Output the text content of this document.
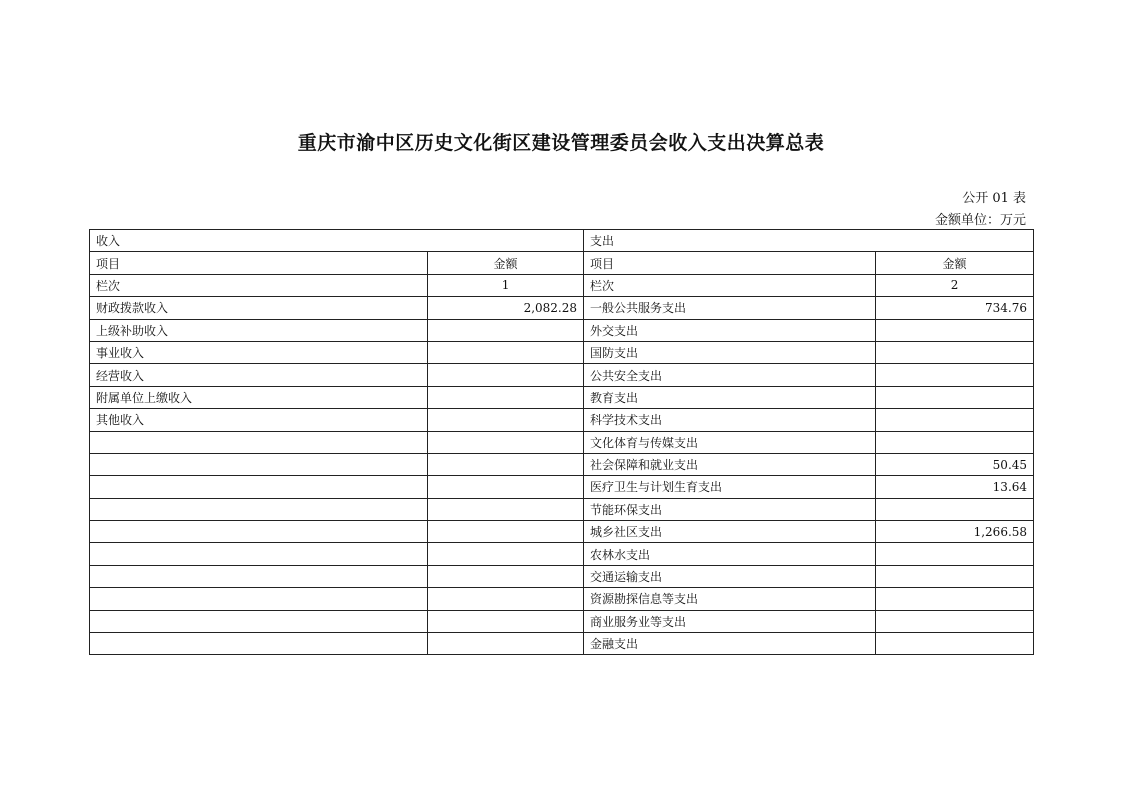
重庆市渝中区历史文化街区建设管理委员会收入支出决算总表
公开 01 表
金额单位：万元
收入		支出	
项目	金额	项目	金额
栏次	1	栏次	2
财政拨款收入	2,082.28	一般公共服务支出	734.76
上级补助收入		外交支出	
事业收入		国防支出	
经营收入		公共安全支出	
附属单位上缴收入		教育支出	
其他收入		科学技术支出	
		文化体育与传媒支出	
		社会保障和就业支出	50.45
		医疗卫生与计划生育支出	13.64
		节能环保支出	
		城乡社区支出	1,266.58
		农林水支出	
		交通运输支出	
		资源勘探信息等支出	
		商业服务业等支出	
		金融支出	
